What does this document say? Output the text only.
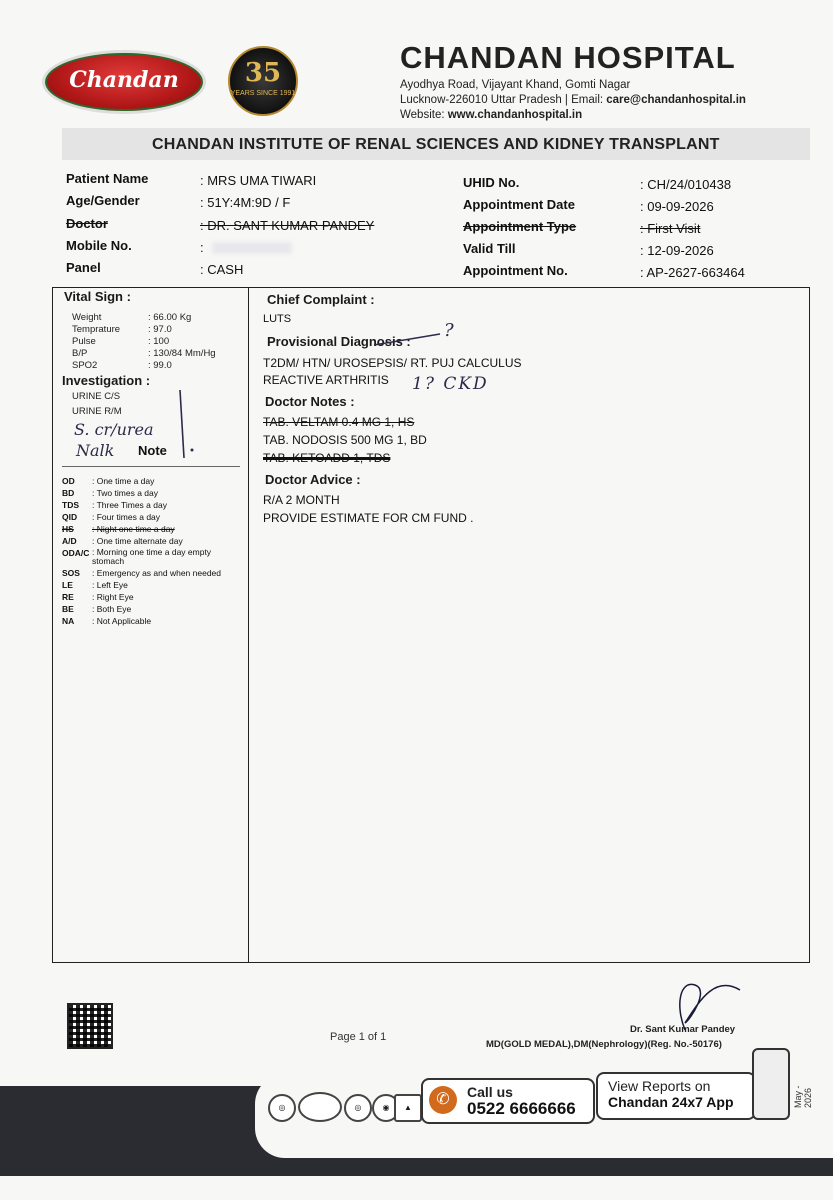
Chandan	35
YEARS SINCE 1991
CHANDAN HOSPITAL
Ayodhya Road, Vijayant Khand, Gomti Nagar
Lucknow-226010 Uttar Pradesh | Email: care@chandanhospital.in
Website: www.chandanhospital.in
CHANDAN INSTITUTE OF RENAL SCIENCES AND KIDNEY TRANSPLANT
Patient Name	: MRS UMA TIWARI
Age/Gender	: 51Y:4M:9D / F
Doctor	: DR. SANT KUMAR PANDEY
Mobile No.	:
Panel	: CASH
UHID No.	: CH/24/010438
Appointment Date	: 09-09-2026
Appointment Type	: First Visit
Valid Till	: 12-09-2026
Appointment No.	: AP-2627-663464
Vital Sign :
Weight	: 66.00 Kg
Temprature	: 97.0
Pulse	: 100
B/P	: 130/84 Mm/Hg
SPO2	: 99.0
Investigation :
URINE C/S
URINE R/M
S. cr/urea
Nalk Note
OD : One time a day
BD : Two times a day
TDS : Three Times a day
QID : Four times a day
HS : Night one time a day
A/D : One time alternate day
ODA/C : Morning one time a day empty stomach
SOS : Emergency as and when needed
LE : Left Eye
RE : Right Eye
BE : Both Eye
NA : Not Applicable
Chief Complaint :
LUTS
Provisional Diagnosis :
?
T2DM/ HTN/ UROSEPSIS/ RT. PUJ CALCULUS
REACTIVE ARTHRITIS 1? CKD
Doctor Notes :
TAB. VELTAM 0.4 MG 1, HS
TAB. NODOSIS 500 MG 1, BD
TAB. KETOADD 1, TDS
Doctor Advice :
R/A 2 MONTH
PROVIDE ESTIMATE FOR CM FUND .
Page 1 of 1
Dr. Sant Kumar Pandey
MD(GOLD MEDAL),DM(Nephrology)(Reg. No.-50176)
◎	◎	◉	▲	✆	Call us
0522 6666666
View Reports on
Chandan 24x7 App	May - 2026
